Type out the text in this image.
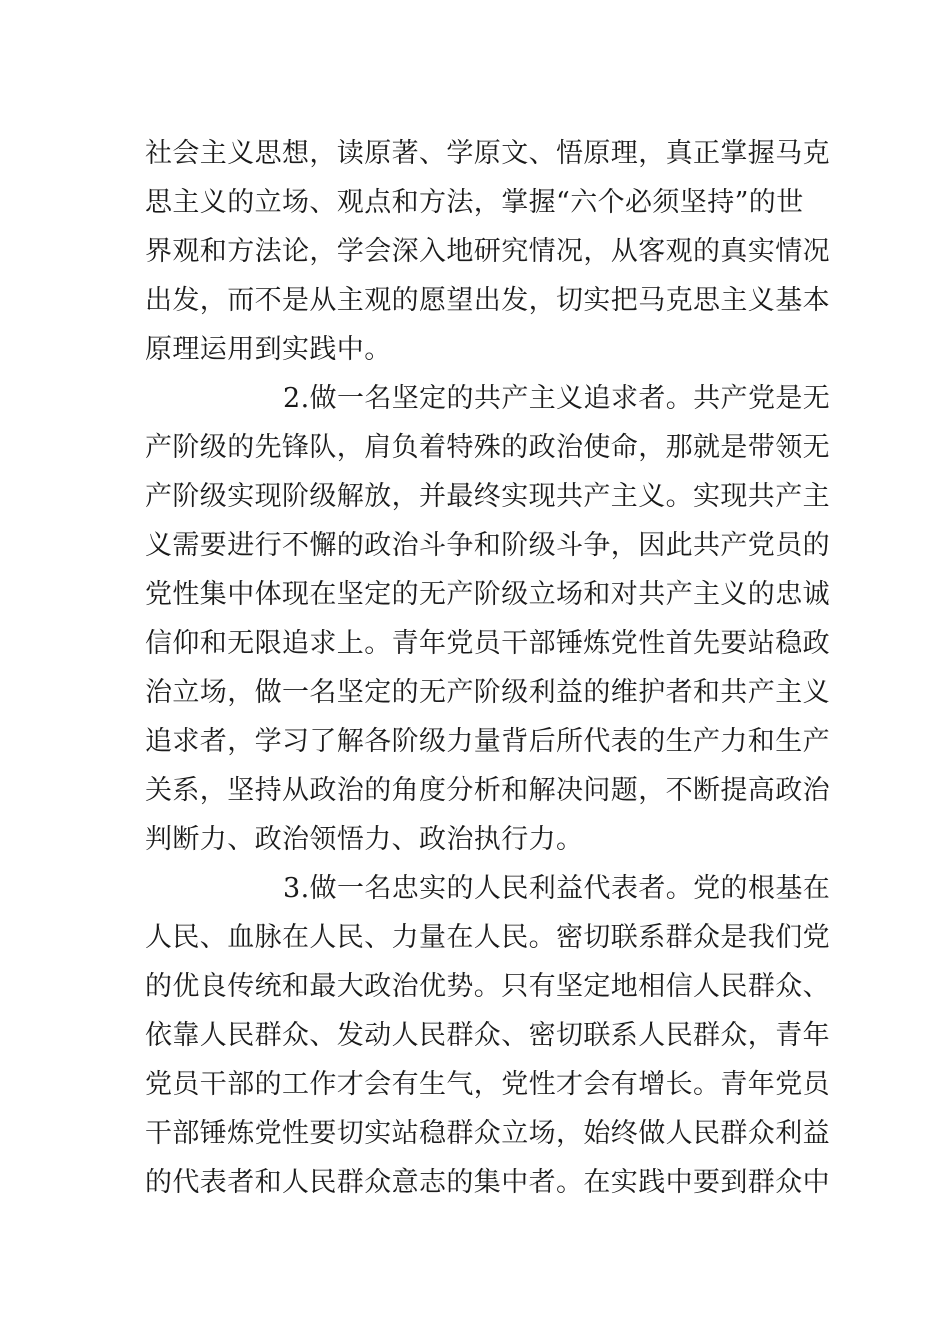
社会主义思想，读原著、学原文、悟原理，真正掌握马克
思主义的立场、观点和方法，掌握“六个必须坚持”的世
界观和方法论，学会深入地研究情况，从客观的真实情况
出发，而不是从主观的愿望出发，切实把马克思主义基本
原理运用到实践中。
2.做一名坚定的共产主义追求者。共产党是无
产阶级的先锋队，肩负着特殊的政治使命，那就是带领无
产阶级实现阶级解放，并最终实现共产主义。实现共产主
义需要进行不懈的政治斗争和阶级斗争，因此共产党员的
党性集中体现在坚定的无产阶级立场和对共产主义的忠诚
信仰和无限追求上。青年党员干部锤炼党性首先要站稳政
治立场，做一名坚定的无产阶级利益的维护者和共产主义
追求者，学习了解各阶级力量背后所代表的生产力和生产
关系，坚持从政治的角度分析和解决问题，不断提高政治
判断力、政治领悟力、政治执行力。
3.做一名忠实的人民利益代表者。党的根基在
人民、血脉在人民、力量在人民。密切联系群众是我们党
的优良传统和最大政治优势。只有坚定地相信人民群众、
依靠人民群众、发动人民群众、密切联系人民群众，青年
党员干部的工作才会有生气，党性才会有增长。青年党员
干部锤炼党性要切实站稳群众立场，始终做人民群众利益
的代表者和人民群众意志的集中者。在实践中要到群众中
